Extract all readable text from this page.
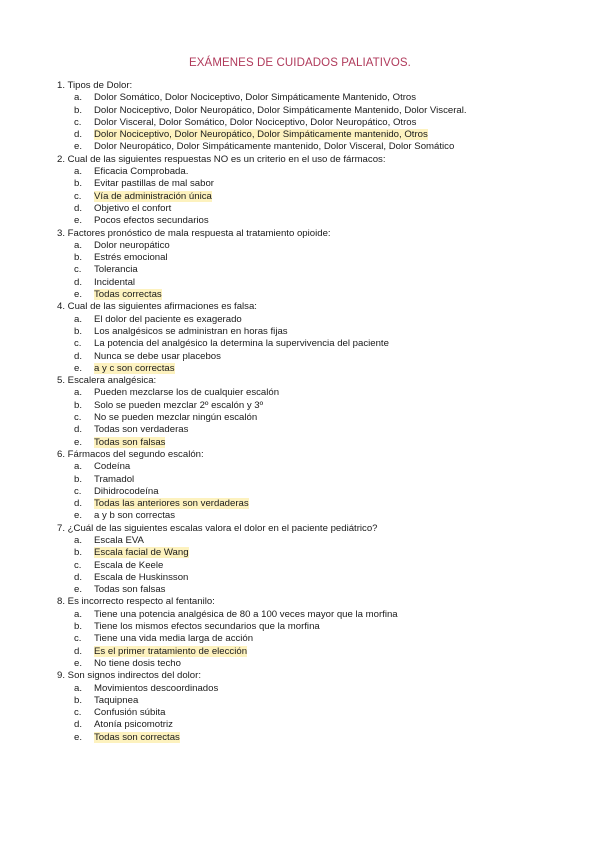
EXÁMENES DE CUIDADOS PALIATIVOS.
1. Tipos de Dolor:
a. Dolor Somático, Dolor Nociceptivo, Dolor Simpáticamente Mantenido, Otros
b. Dolor Nociceptivo, Dolor Neuropático, Dolor Simpáticamente Mantenido, Dolor Visceral.
c. Dolor Visceral, Dolor Somático, Dolor Nociceptivo, Dolor Neuropático, Otros
d. Dolor Nociceptivo, Dolor Neuropático, Dolor Simpáticamente mantenido, Otros
e. Dolor Neuropático, Dolor Simpáticamente mantenido, Dolor Visceral, Dolor Somático
2. Cual de las siguientes respuestas NO es un criterio en el uso de fármacos:
a. Eficacia Comprobada.
b. Evitar pastillas de mal sabor
c. Vía de administración única
d. Objetivo el confort
e. Pocos efectos secundarios
3. Factores pronóstico de mala respuesta al tratamiento opioide:
a. Dolor neuropático
b. Estrés emocional
c. Tolerancia
d. Incidental
e. Todas correctas
4. Cual de las siguientes afirmaciones es falsa:
a. El dolor del paciente es exagerado
b. Los analgésicos se administran en horas fijas
c. La potencia del analgésico la determina la supervivencia del paciente
d. Nunca se debe usar placebos
e. a y c son correctas
5. Escalera analgésica:
a. Pueden mezclarse los de cualquier escalón
b. Solo se pueden mezclar 2º escalón y 3º
c. No se pueden mezclar ningún escalón
d. Todas son verdaderas
e. Todas son falsas
6. Fármacos del segundo escalón:
a. Codeína
b. Tramadol
c. Dihidrocodeína
d. Todas las anteriores son verdaderas
e. a y b son correctas
7. ¿Cuál de las siguientes escalas valora el dolor en el paciente pediátrico?
a. Escala EVA
b. Escala facial de Wang
c. Escala de Keele
d. Escala de Huskinsson
e. Todas son falsas
8. Es incorrecto respecto al fentanilo:
a. Tiene una potencia analgésica de 80 a 100 veces mayor que la morfina
b. Tiene los mismos efectos secundarios que la morfina
c. Tiene una vida media larga de acción
d. Es el primer tratamiento de elección
e. No tiene dosis techo
9. Son signos indirectos del dolor:
a. Movimientos descoordinados
b. Taquipnea
c. Confusión súbita
d. Atonía psicomotriz
e. Todas son correctas
